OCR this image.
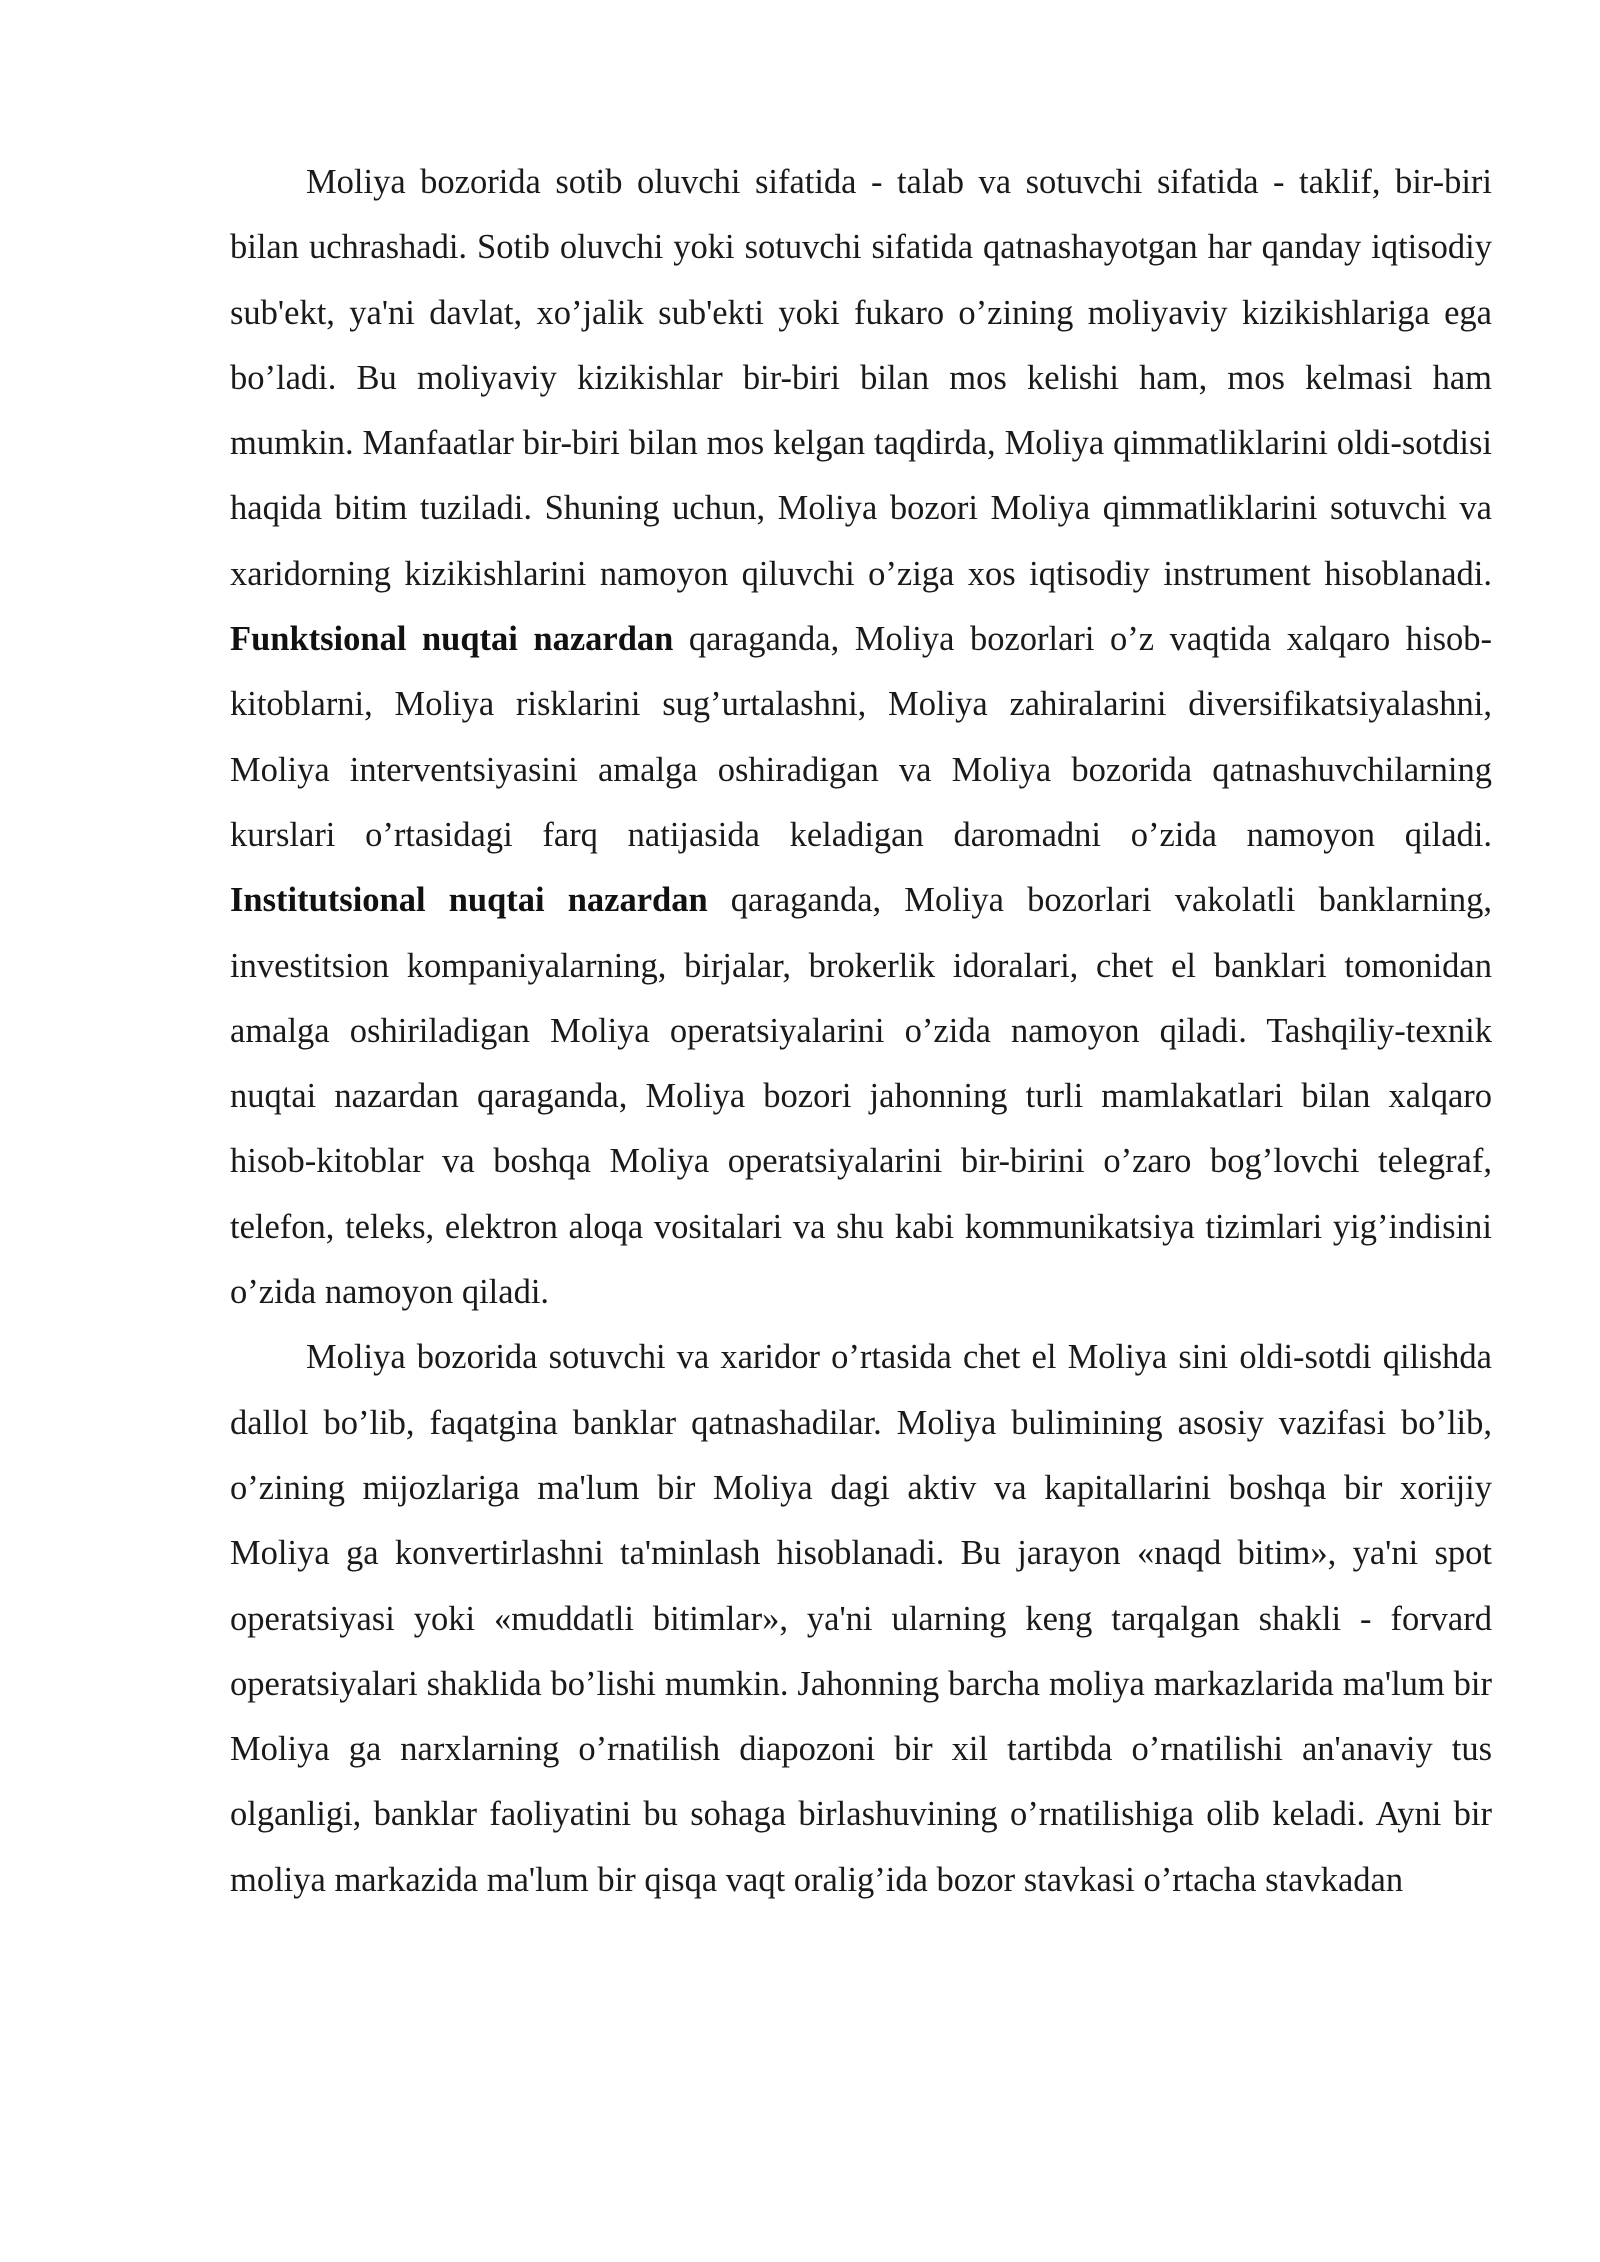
Moliya bozorida sotib oluvchi sifatida - talab va sotuvchi sifatida - taklif, bir-biri bilan uchrashadi. Sotib oluvchi yoki sotuvchi sifatida qatnashayotgan har qanday iqtisodiy sub'ekt, ya'ni davlat, xo’jalik sub'ekti yoki fukaro o’zining moliyaviy kizikishlariga ega bo’ladi. Bu moliyaviy kizikishlar bir-biri bilan mos kelishi ham, mos kelmasi ham mumkin. Manfaatlar bir-biri bilan mos kelgan taqdirda, Moliya qimmatliklarini oldi-sotdisi haqida bitim tuziladi. Shuning uchun, Moliya bozori Moliya qimmatliklarini sotuvchi va xaridorning kizikishlarini namoyon qiluvchi o’ziga xos iqtisodiy instrument hisoblanadi. Funktsional nuqtai nazardan qaraganda, Moliya bozorlari o’z vaqtida xalqaro hisob-kitoblarni, Moliya risklarini sug’urtalashni, Moliya zahiralarini diversifikatsiyalashni, Moliya interventsiyasini amalga oshiradigan va Moliya bozorida qatnashuvchilarning kurslari o’rtasidagi farq natijasida keladigan daromadni o’zida namoyon qiladi. Institutsional nuqtai nazardan qaraganda, Moliya bozorlari vakolatli banklarning, investitsion kompaniyalarning, birjalar, brokerlik idoralari, chet el banklari tomonidan amalga oshiriladigan Moliya operatsiyalarini o’zida namoyon qiladi. Tashqiliy-texnik nuqtai nazardan qaraganda, Moliya bozori jahonning turli mamlakatlari bilan xalqaro hisob-kitoblar va boshqa Moliya operatsiyalarini bir-birini o’zaro bog’lovchi telegraf, telefon, teleks, elektron aloqa vositalari va shu kabi kommunikatsiya tizimlari yig’indisini o’zida namoyon qiladi.

Moliya bozorida sotuvchi va xaridor o’rtasida chet el Moliya sini oldi-sotdi qilishda dallol bo’lib, faqatgina banklar qatnashadilar. Moliya bulimining asosiy vazifasi bo’lib, o’zining mijozlariga ma'lum bir Moliya dagi aktiv va kapitallarini boshqa bir xorijiy Moliya ga konvertirlashni ta'minlash hisoblanadi. Bu jarayon «naqd bitim», ya'ni spot operatsiyasi yoki «muddatli bitimlar», ya'ni ularning keng tarqalgan shakli - forvard operatsiyalari shaklida bo’lishi mumkin. Jahonning barcha moliya markazlarida ma'lum bir Moliya ga narxlarning o’rnatilish diapozoni bir xil tartibda o’rnatilishi an'anaviy tus olganligi, banklar faoliyatini bu sohaga birlashuvining o’rnatilishiga olib keladi. Ayni bir moliya markazida ma'lum bir qisqa vaqt oralig’ida bozor stavkasi o’rtacha stavkadan
